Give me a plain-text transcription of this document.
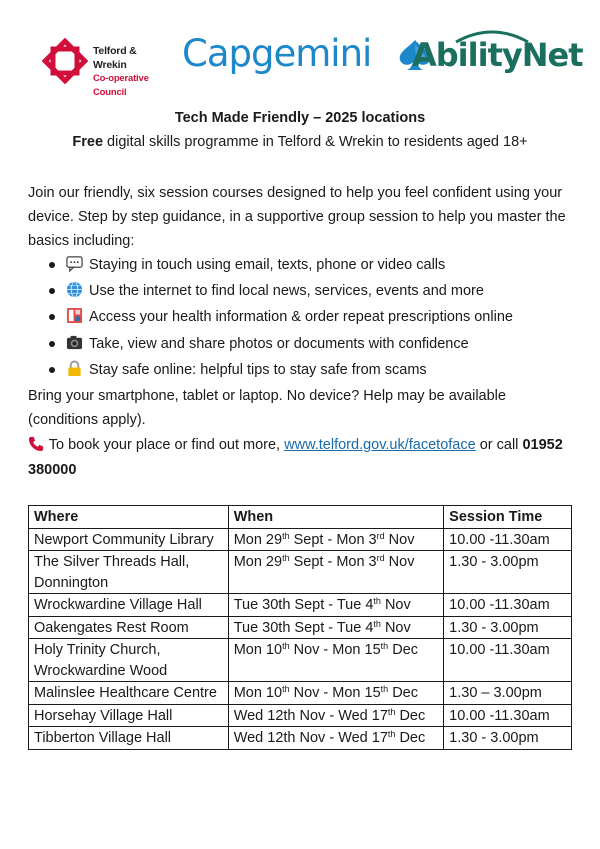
Telford & Wrekin
Co-operative Council
Capgemini AbilityNet
Tech Made Friendly – 2025 locations
Free digital skills programme in Telford & Wrekin to residents aged 18+
Join our friendly, six session courses designed to help you feel confident using your device. Step by step guidance, in a supportive group session to help you master the basics including:
Staying in touch using email, texts, phone or video calls
Use the internet to find local news, services, events and more
Access your health information & order repeat prescriptions online
Take, view and share photos or documents with confidence
Stay safe online: helpful tips to stay safe from scams
Bring your smartphone, tablet or laptop. No device? Help may be available (conditions apply).
To book your place or find out more, www.telford.gov.uk/facetoface or call 01952 380000
Where	When	Session Time
Newport Community Library	Mon 29th Sept - Mon 3rd Nov	10.00 -11.30am
The Silver Threads Hall, Donnington	Mon 29th Sept - Mon 3rd Nov	1.30 - 3.00pm
Wrockwardine Village Hall	Tue 30th Sept - Tue 4th Nov	10.00 -11.30am
Oakengates Rest Room	Tue 30th Sept - Tue 4th Nov	1.30 - 3.00pm
Holy Trinity Church, Wrockwardine Wood	Mon 10th Nov - Mon 15th Dec	10.00 -11.30am
Malinslee Healthcare Centre	Mon 10th Nov - Mon 15th Dec	1.30 – 3.00pm
Horsehay Village Hall	Wed 12th Nov - Wed 17th Dec	10.00 -11.30am
Tibberton Village Hall	Wed 12th Nov - Wed 17th Dec	1.30 - 3.00pm
